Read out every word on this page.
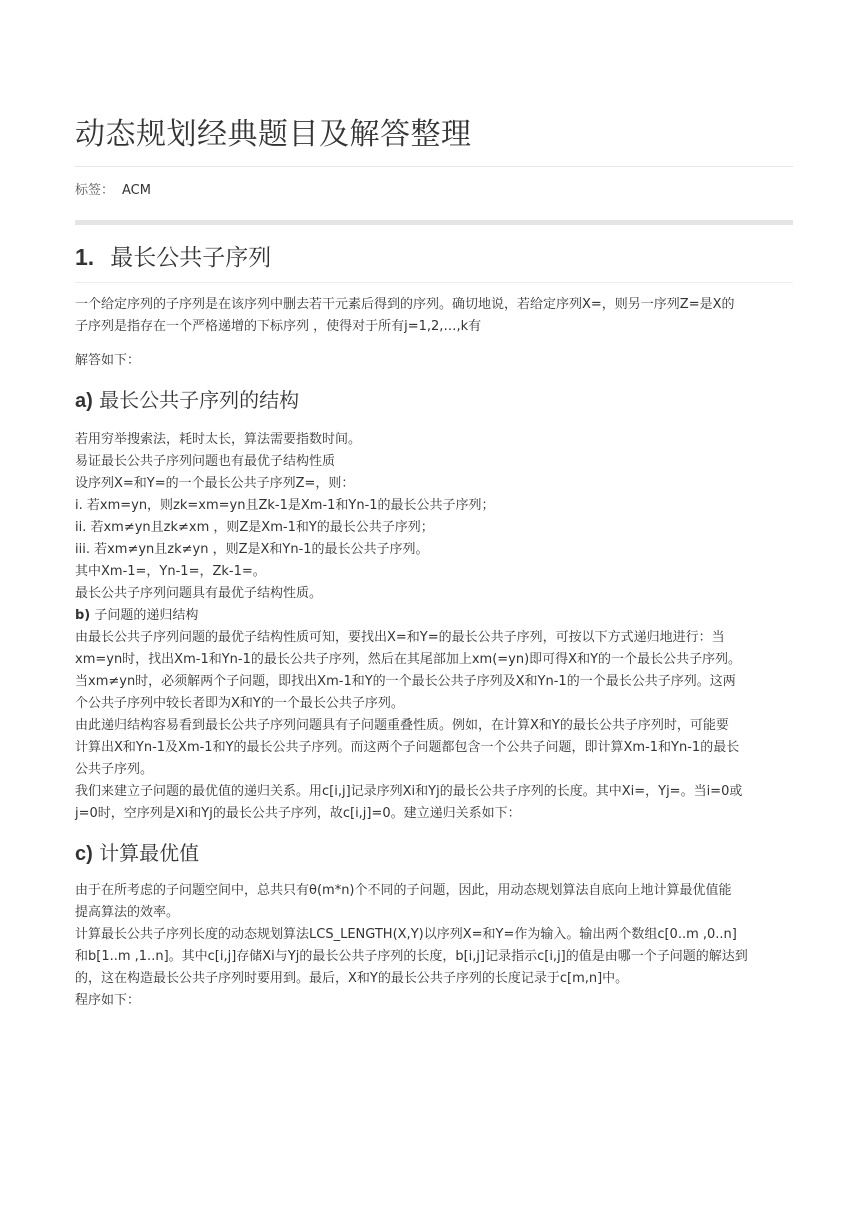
动态规划经典题目及解答整理
标签： ACM
1. 最长公共子序列

一个给定序列的子序列是在该序列中删去若干元素后得到的序列。确切地说，若给定序列X=，则另一序列Z=是X的
子序列是指存在一个严格递增的下标序列 ，使得对于所有j=1,2,…,k有

解答如下：

a) 最长公共子序列的结构

若用穷举搜索法，耗时太长，算法需要指数时间。
易证最长公共子序列问题也有最优子结构性质
设序列X=和Y=的一个最长公共子序列Z=，则：
i. 若xm=yn，则zk=xm=yn且Zk-1是Xm-1和Yn-1的最长公共子序列；
ii. 若xm≠yn且zk≠xm ，则Z是Xm-1和Y的最长公共子序列；
iii. 若xm≠yn且zk≠yn ，则Z是X和Yn-1的最长公共子序列。
其中Xm-1=，Yn-1=，Zk-1=。
最长公共子序列问题具有最优子结构性质。
b) 子问题的递归结构
由最长公共子序列问题的最优子结构性质可知，要找出X=和Y=的最长公共子序列，可按以下方式递归地进行：当
xm=yn时，找出Xm-1和Yn-1的最长公共子序列，然后在其尾部加上xm(=yn)即可得X和Y的一个最长公共子序列。
当xm≠yn时，必须解两个子问题，即找出Xm-1和Y的一个最长公共子序列及X和Yn-1的一个最长公共子序列。这两
个公共子序列中较长者即为X和Y的一个最长公共子序列。
由此递归结构容易看到最长公共子序列问题具有子问题重叠性质。例如，在计算X和Y的最长公共子序列时，可能要
计算出X和Yn-1及Xm-1和Y的最长公共子序列。而这两个子问题都包含一个公共子问题，即计算Xm-1和Yn-1的最长
公共子序列。
我们来建立子问题的最优值的递归关系。用c[i,j]记录序列Xi和Yj的最长公共子序列的长度。其中Xi=，Yj=。当i=0或
j=0时，空序列是Xi和Yj的最长公共子序列，故c[i,j]=0。建立递归关系如下：

c) 计算最优值

由于在所考虑的子问题空间中，总共只有θ(m*n)个不同的子问题，因此，用动态规划算法自底向上地计算最优值能
提高算法的效率。
计算最长公共子序列长度的动态规划算法LCS_LENGTH(X,Y)以序列X=和Y=作为输入。输出两个数组c[0..m ,0..n]
和b[1..m ,1..n]。其中c[i,j]存储Xi与Yj的最长公共子序列的长度，b[i,j]记录指示c[i,j]的值是由哪一个子问题的解达到
的，这在构造最长公共子序列时要用到。最后，X和Y的最长公共子序列的长度记录于c[m,n]中。
程序如下：
